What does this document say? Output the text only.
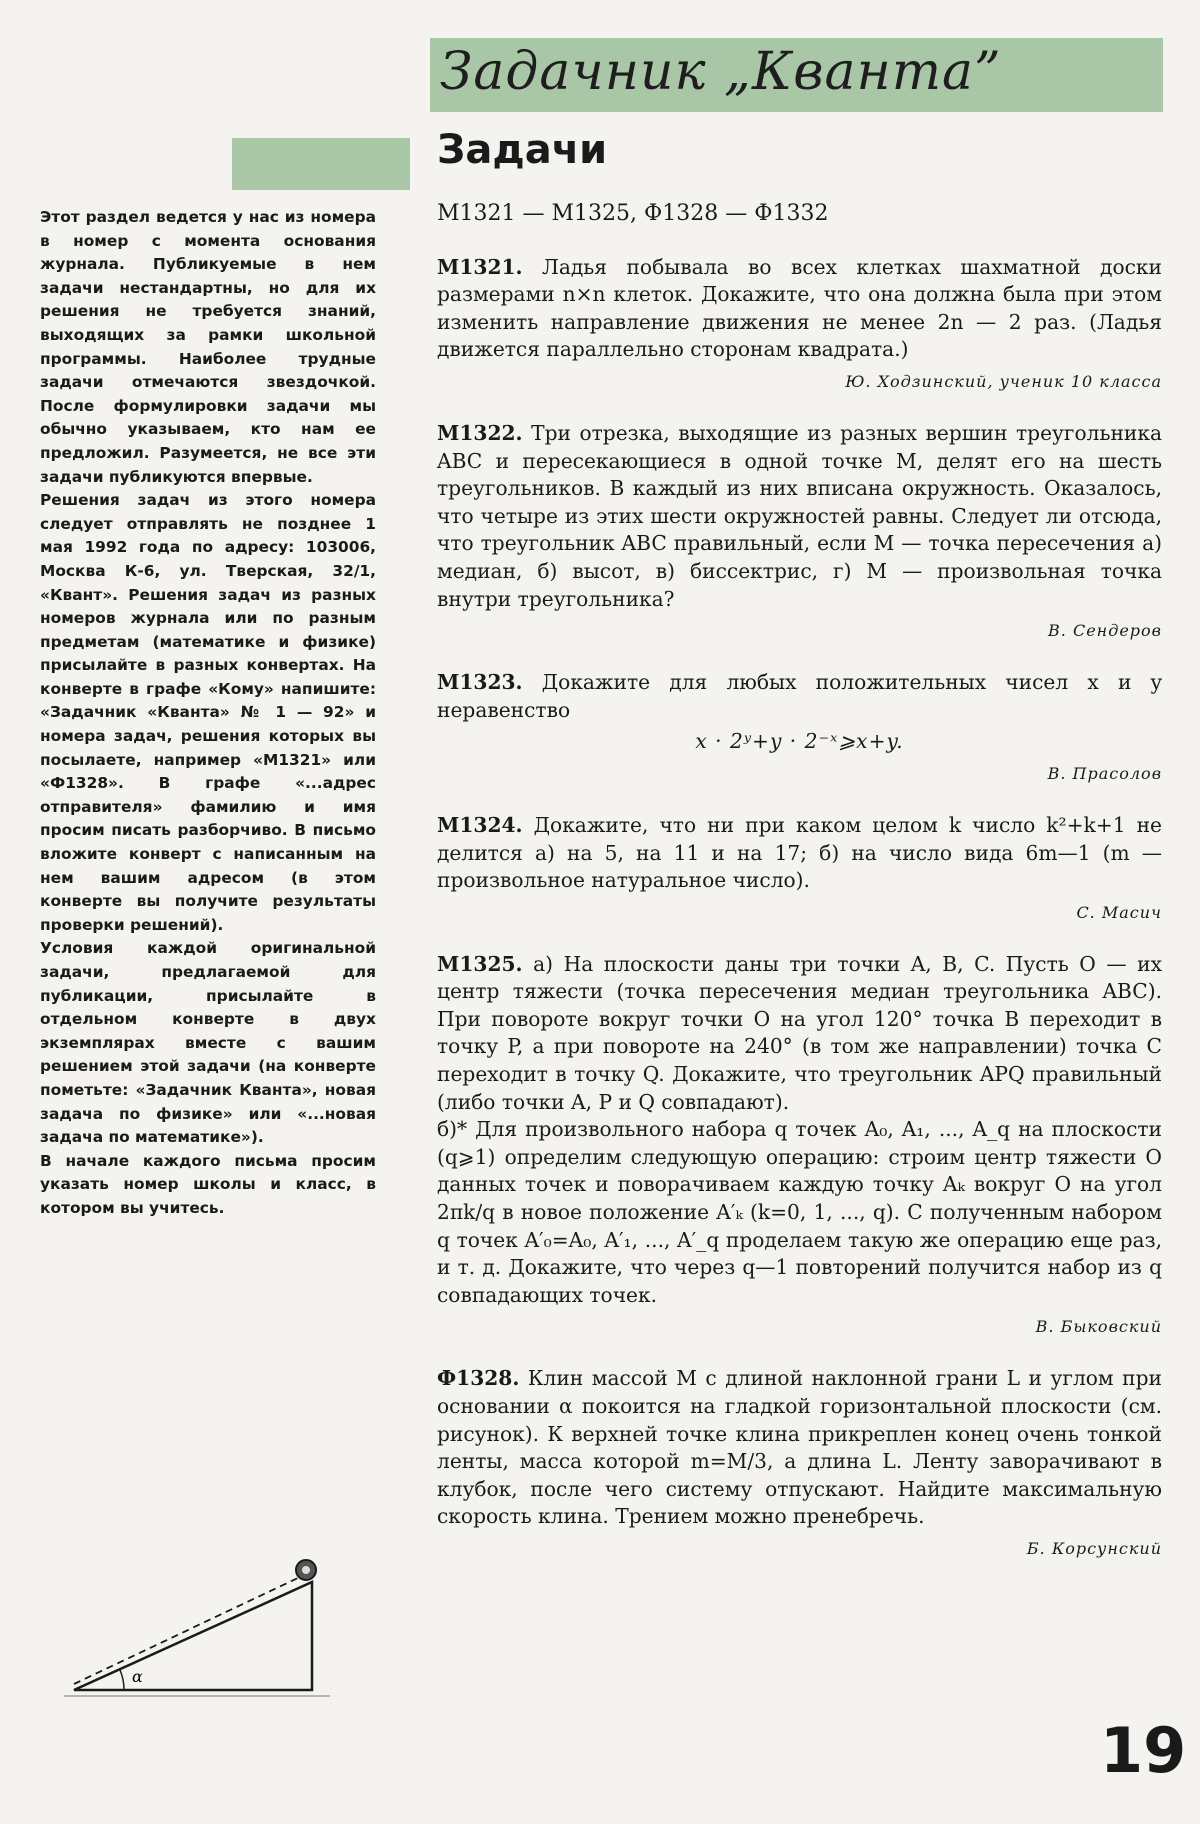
Задачник „Кванта”

Этот раздел ведется у нас из номера в номер с момента основания журнала. Публикуемые в нем задачи нестандартны, но для их решения не требуется знаний, выходящих за рамки школьной программы. Наиболее трудные задачи отмечаются звездочкой. После формулировки задачи мы обычно указываем, кто нам ее предложил. Разумеется, не все эти задачи публикуются впервые.

Решения задач из этого номера следует отправлять не позднее 1 мая 1992 года по адресу: 103006, Москва К-6, ул. Тверская, 32/1, «Квант». Решения задач из разных номеров журнала или по разным предметам (математике и физике) присылайте в разных конвертах. На конверте в графе «Кому» напишите: «Задачник «Кванта» № 1 — 92» и номера задач, решения которых вы посылаете, например «М1321» или «Ф1328». В графе «...адрес отправителя» фамилию и имя просим писать разборчиво. В письмо вложите конверт с написанным на нем вашим адресом (в этом конверте вы получите результаты проверки решений).

Условия каждой оригинальной задачи, предлагаемой для публикации, присылайте в отдельном конверте в двух экземплярах вместе с вашим решением этой задачи (на конверте пометьте: «Задачник Кванта», новая задача по физике» или «...новая задача по математике»).

В начале каждого письма просим указать номер школы и класс, в котором вы учитесь.

Задачи
М1321 — М1325, Ф1328 — Ф1332

М1321. Ладья побывала во всех клетках шахматной доски размерами n×n клеток. Докажите, что она должна была при этом изменить направление движения не менее 2n — 2 раз. (Ладья движется параллельно сторонам квадрата.)

Ю. Ходзинский, ученик 10 класса

М1322. Три отрезка, выходящие из разных вершин треугольника ABC и пересекающиеся в одной точке M, делят его на шесть треугольников. В каждый из них вписана окружность. Оказалось, что четыре из этих шести окружностей равны. Следует ли отсюда, что треугольник ABC правильный, если M — точка пересечения а) медиан, б) высот, в) биссектрис, г) M — произвольная точка внутри треугольника?

В. Сендеров

М1323. Докажите для любых положительных чисел x и y неравенство

x · 2ʸ+y · 2⁻ˣ⩾x+y.
В. Прасолов

М1324. Докажите, что ни при каком целом k число k²+k+1 не делится а) на 5, на 11 и на 17; б) на число вида 6m—1 (m — произвольное натуральное число).

С. Масич

М1325. а) На плоскости даны три точки A, B, C. Пусть O — их центр тяжести (точка пересечения медиан треугольника ABC). При повороте вокруг точки O на угол 120° точка B переходит в точку P, а при повороте на 240° (в том же направлении) точка C переходит в точку Q. Докажите, что треугольник APQ правильный (либо точки A, P и Q совпадают).

б)* Для произвольного набора q точек A₀, A₁, ..., A_q на плоскости (q⩾1) определим следующую операцию: строим центр тяжести O данных точек и поворачиваем каждую точку Aₖ вокруг O на угол 2πk/q в новое положение A′ₖ (k=0, 1, ..., q). С полученным набором q точек A′₀=A₀, A′₁, ..., A′_q проделаем такую же операцию еще раз, и т. д. Докажите, что через q—1 повторений получится набор из q совпадающих точек.

В. Быковский

Ф1328. Клин массой M с длиной наклонной грани L и углом при основании α покоится на гладкой горизонтальной плоскости (см. рисунок). К верхней точке клина прикреплен конец очень тонкой ленты, масса которой m=M/3, а длина L. Ленту заворачивают в клубок, после чего систему отпускают. Найдите максимальную скорость клина. Трением можно пренебречь.

Б. Корсунский
α
19
